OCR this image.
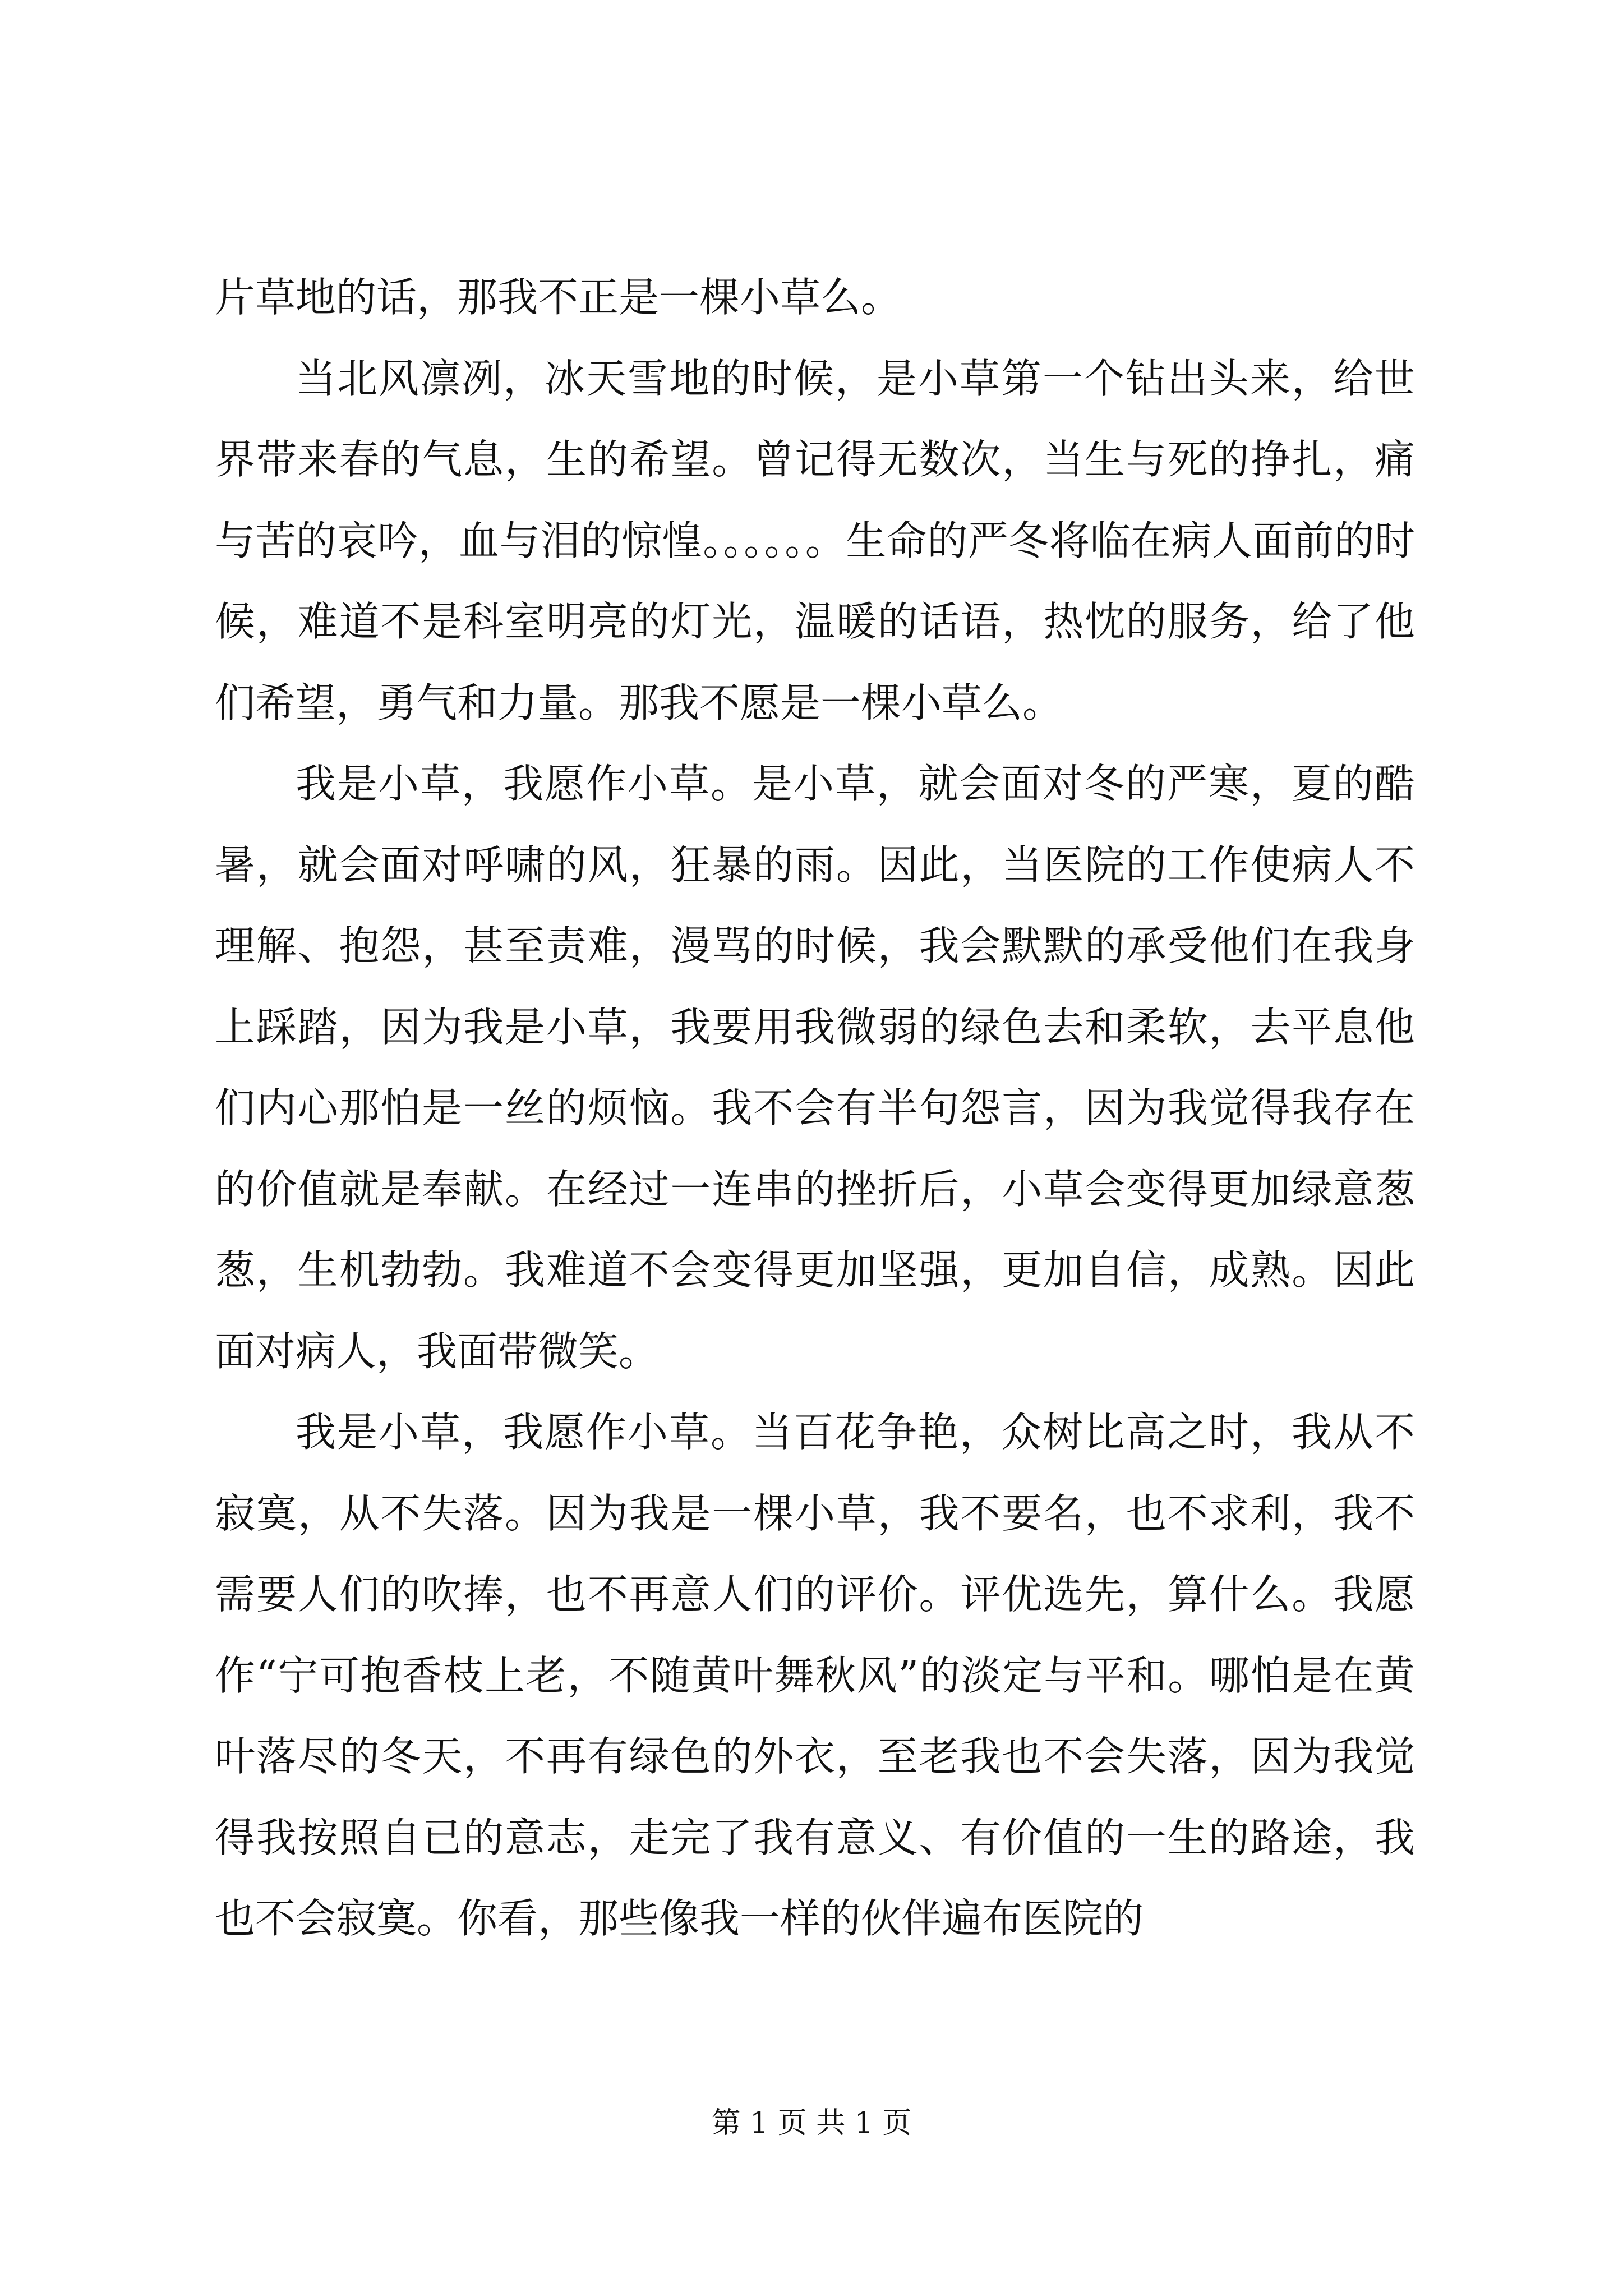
片草地的话，那我不正是一棵小草么。

当北风凛冽，冰天雪地的时候，是小草第一个钻出头来，给世界带来春的气息，生的希望。曾记得无数次，当生与死的挣扎，痛与苦的哀吟，血与泪的惊惶。。。。。。生命的严冬将临在病人面前的时候，难道不是科室明亮的灯光，温暖的话语，热忱的服务，给了他们希望，勇气和力量。那我不愿是一棵小草么。

我是小草，我愿作小草。是小草，就会面对冬的严寒，夏的酷暑，就会面对呼啸的风，狂暴的雨。因此，当医院的工作使病人不理解、抱怨，甚至责难，漫骂的时候，我会默默的承受他们在我身上踩踏，因为我是小草，我要用我微弱的绿色去和柔软，去平息他们内心那怕是一丝的烦恼。我不会有半句怨言，因为我觉得我存在的价值就是奉献。在经过一连串的挫折后，小草会变得更加绿意葱葱，生机勃勃。我难道不会变得更加坚强，更加自信，成熟。因此面对病人，我面带微笑。

我是小草，我愿作小草。当百花争艳，众树比高之时，我从不寂寞，从不失落。因为我是一棵小草，我不要名，也不求利，我不需要人们的吹捧，也不再意人们的评价。评优选先，算什么。我愿作“宁可抱香枝上老，不随黄叶舞秋风”的淡定与平和。哪怕是在黄叶落尽的冬天，不再有绿色的外衣，至老我也不会失落，因为我觉得我按照自已的意志，走完了我有意义、有价值的一生的路途，我也不会寂寞。你看，那些像我一样的伙伴遍布医院的

第 1 页 共 1 页
